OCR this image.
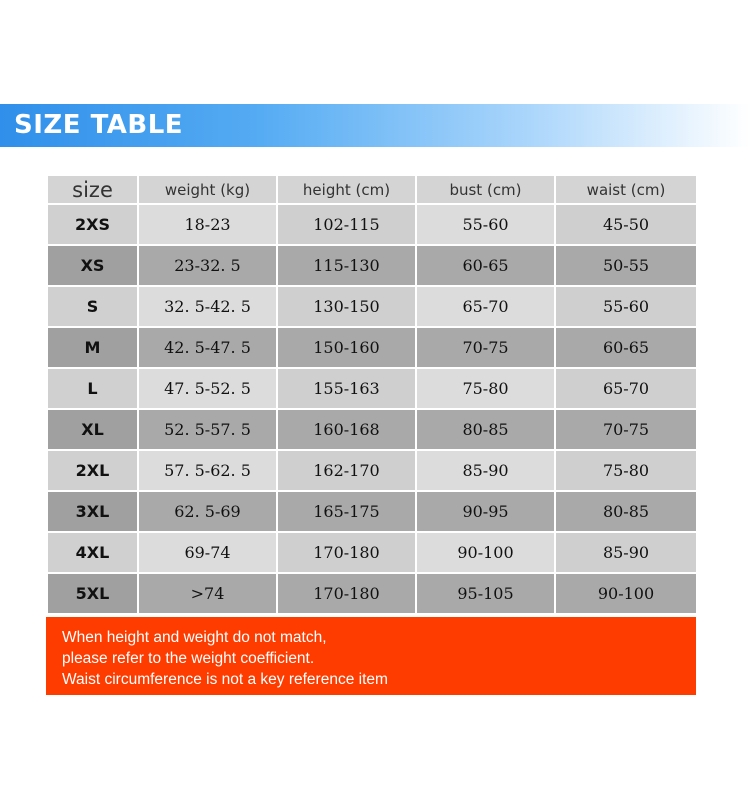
SIZE TABLE
size	weight (kg)	height (cm)	bust (cm)	waist (cm)
2XS	18-23	102-115	55-60	45-50
XS	23-32. 5	115-130	60-65	50-55
S	32. 5-42. 5	130-150	65-70	55-60
M	42. 5-47. 5	150-160	70-75	60-65
L	47. 5-52. 5	155-163	75-80	65-70
XL	52. 5-57. 5	160-168	80-85	70-75
2XL	57. 5-62. 5	162-170	85-90	75-80
3XL	62. 5-69	165-175	90-95	80-85
4XL	69-74	170-180	90-100	85-90
5XL	>74	170-180	95-105	90-100
When height and weight do not match,
please refer to the weight coefficient.
Waist circumference is not a key reference item
